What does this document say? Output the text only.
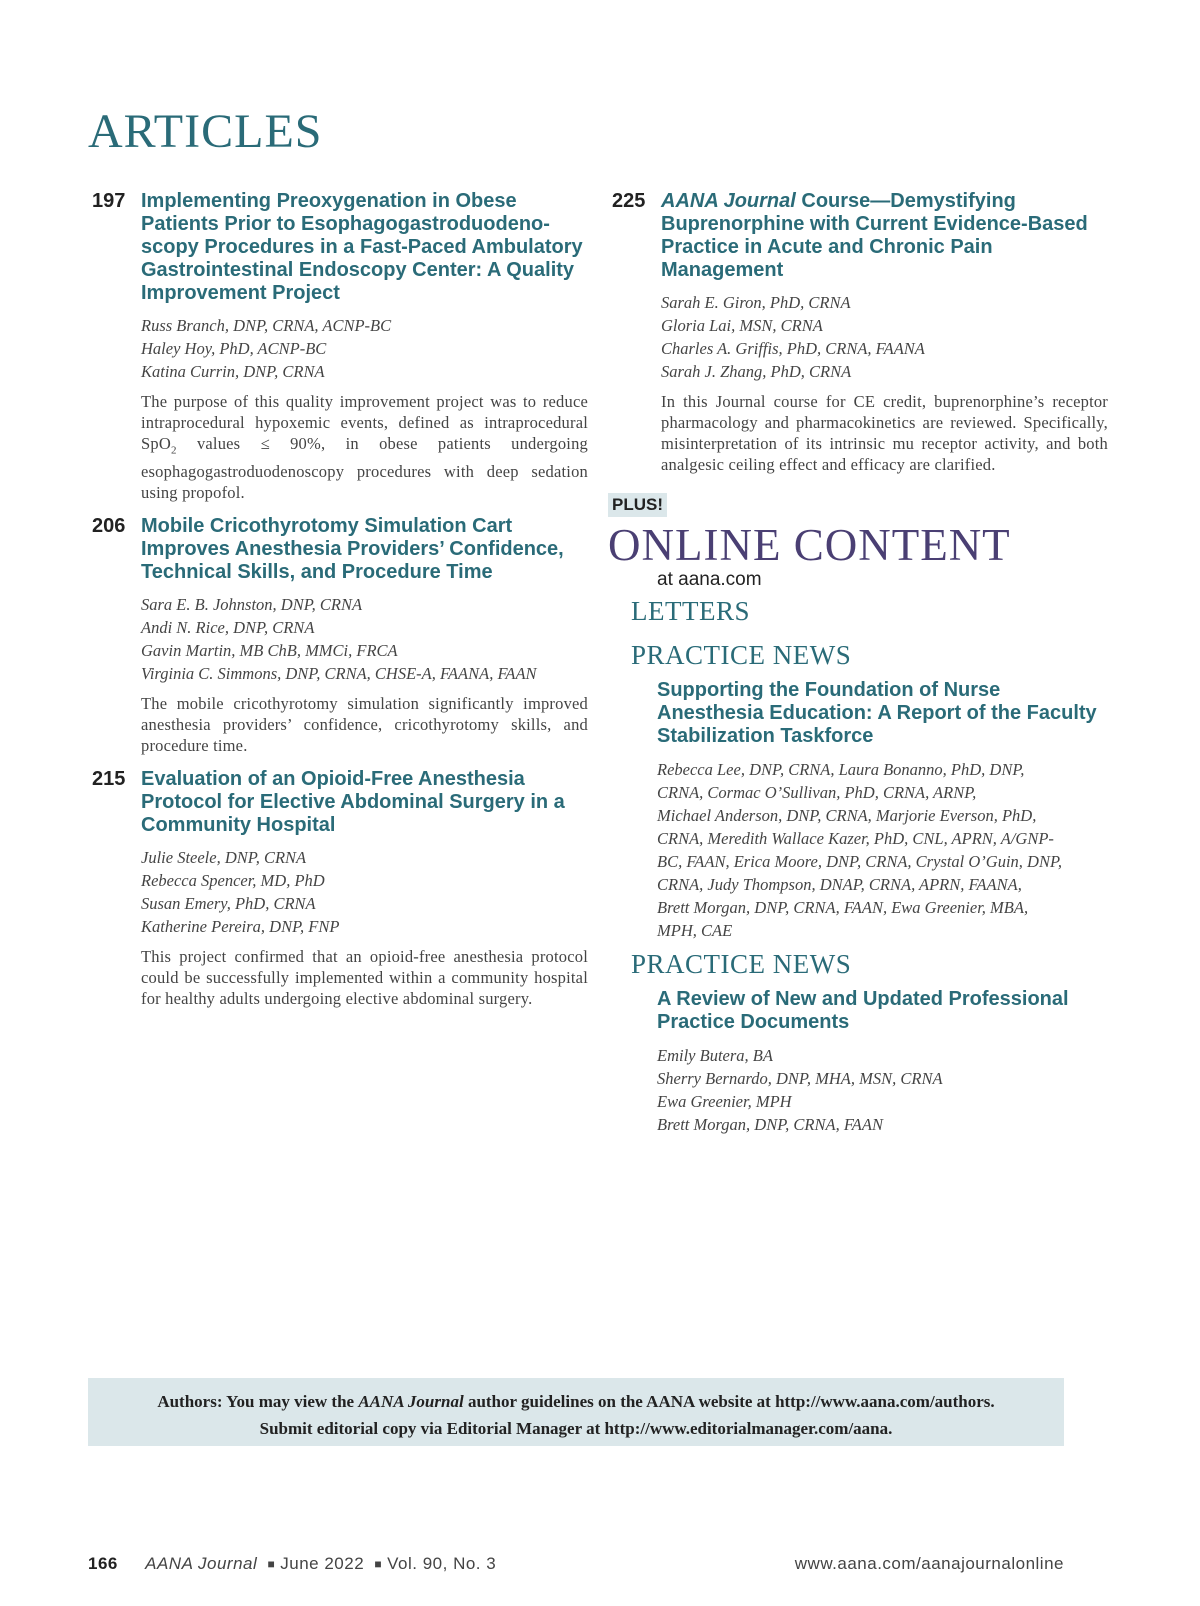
ARTICLES
197 Implementing Preoxygenation in Obese Patients Prior to Esophagogastroduodeno-scopy Procedures in a Fast-Paced Ambulatory Gastrointestinal Endoscopy Center: A Quality Improvement Project
Russ Branch, DNP, CRNA, ACNP-BC
Haley Hoy, PhD, ACNP-BC
Katina Currin, DNP, CRNA

The purpose of this quality improvement project was to reduce intraprocedural hypoxemic events, defined as intraprocedural SpO$_2$ values ≤ 90%, in obese patients undergoing esophagogastroduodenoscopy procedures with deep sedation using propofol.

206 Mobile Cricothyrotomy Simulation Cart Improves Anesthesia Providers’ Confidence, Technical Skills, and Procedure Time
Sara E. B. Johnston, DNP, CRNA
Andi N. Rice, DNP, CRNA
Gavin Martin, MB ChB, MMCi, FRCA
Virginia C. Simmons, DNP, CRNA, CHSE-A, FAANA, FAAN

The mobile cricothyrotomy simulation significantly improved anesthesia providers’ confidence, cricothyrotomy skills, and procedure time.

215 Evaluation of an Opioid-Free Anesthesia Protocol for Elective Abdominal Surgery in a Community Hospital
Julie Steele, DNP, CRNA
Rebecca Spencer, MD, PhD
Susan Emery, PhD, CRNA
Katherine Pereira, DNP, FNP

This project confirmed that an opioid-free anesthesia protocol could be successfully implemented within a community hospital for healthy adults undergoing elective abdominal surgery.

225 AANA Journal Course—Demystifying Buprenorphine with Current Evidence-Based Practice in Acute and Chronic Pain Management
Sarah E. Giron, PhD, CRNA
Gloria Lai, MSN, CRNA
Charles A. Griffis, PhD, CRNA, FAANA
Sarah J. Zhang, PhD, CRNA

In this Journal course for CE credit, buprenorphine’s receptor pharmacology and pharmacokinetics are reviewed. Specifically, misinterpretation of its intrinsic mu receptor activity, and both analgesic ceiling effect and efficacy are clarified.

PLUS!
ONLINE CONTENT
at aana.com
LETTERS
PRACTICE NEWS
Supporting the Foundation of Nurse Anesthesia Education: A Report of the Faculty Stabilization Taskforce
Rebecca Lee, DNP, CRNA, Laura Bonanno, PhD, DNP,
CRNA, Cormac O’Sullivan, PhD, CRNA, ARNP,
Michael Anderson, DNP, CRNA, Marjorie Everson, PhD,
CRNA, Meredith Wallace Kazer, PhD, CNL, APRN, A/GNP-
BC, FAAN, Erica Moore, DNP, CRNA, Crystal O’Guin, DNP,
CRNA, Judy Thompson, DNAP, CRNA, APRN, FAANA,
Brett Morgan, DNP, CRNA, FAAN, Ewa Greenier, MBA,
MPH, CAE
PRACTICE NEWS
A Review of New and Updated Professional Practice Documents
Emily Butera, BA
Sherry Bernardo, DNP, MHA, MSN, CRNA
Ewa Greenier, MPH
Brett Morgan, DNP, CRNA, FAAN

Authors: You may view the AANA Journal author guidelines on the AANA website at http://www.aana.com/authors.

Submit editorial copy via Editorial Manager at http://www.editorialmanager.com/aana.

166 AANA Journal ■ June 2022 ■ Vol. 90, No. 3	www.aana.com/aanajournalonline
